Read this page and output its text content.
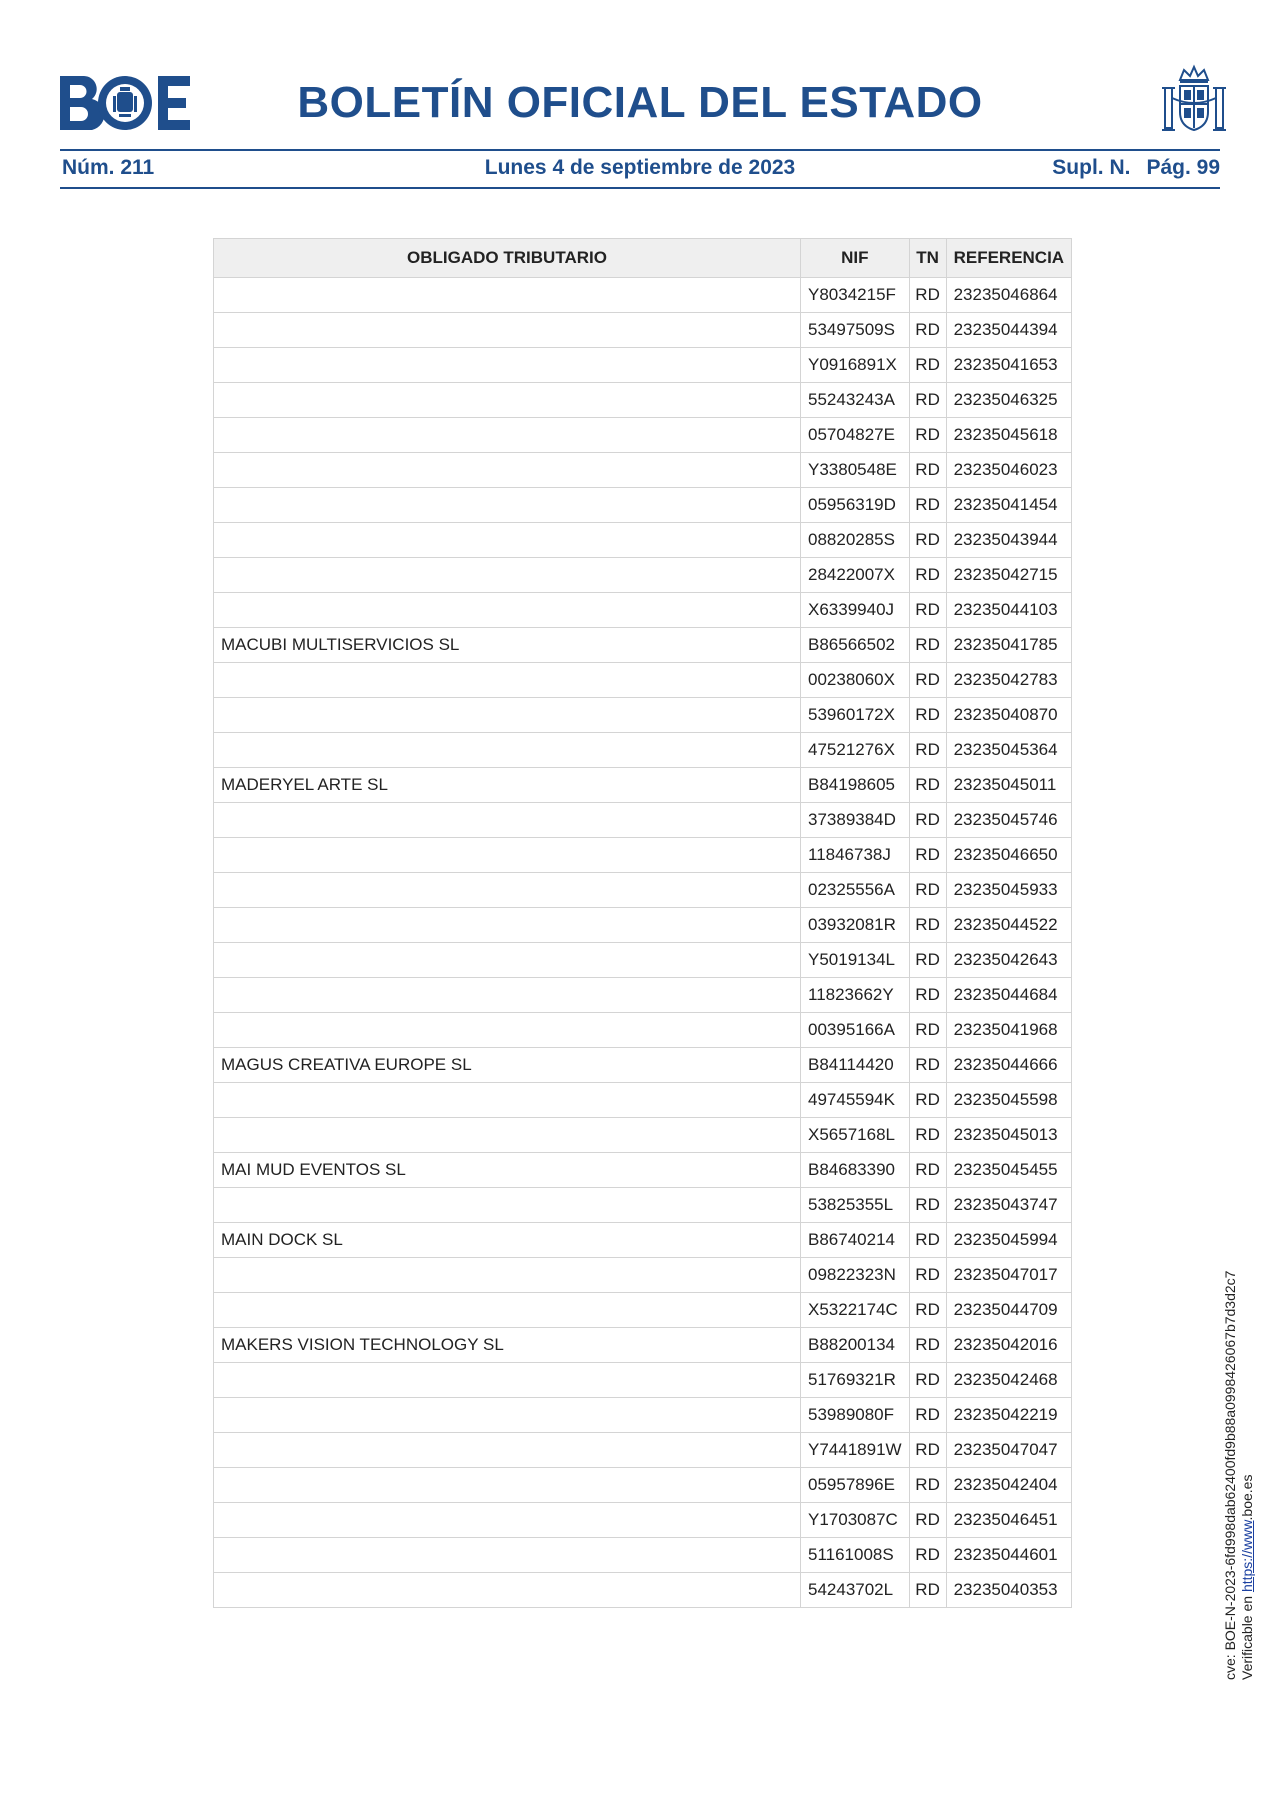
BOLETÍN OFICIAL DEL ESTADO
Núm. 211	Lunes 4 de septiembre de 2023	Supl. N. Pág. 99
OBLIGADO TRIBUTARIO	NIF	TN	REFERENCIA
	Y8034215F	RD	23235046864
	53497509S	RD	23235044394
	Y0916891X	RD	23235041653
	55243243A	RD	23235046325
	05704827E	RD	23235045618
	Y3380548E	RD	23235046023
	05956319D	RD	23235041454
	08820285S	RD	23235043944
	28422007X	RD	23235042715
	X6339940J	RD	23235044103
MACUBI MULTISERVICIOS SL	B86566502	RD	23235041785
	00238060X	RD	23235042783
	53960172X	RD	23235040870
	47521276X	RD	23235045364
MADERYEL ARTE SL	B84198605	RD	23235045011
	37389384D	RD	23235045746
	11846738J	RD	23235046650
	02325556A	RD	23235045933
	03932081R	RD	23235044522
	Y5019134L	RD	23235042643
	11823662Y	RD	23235044684
	00395166A	RD	23235041968
MAGUS CREATIVA EUROPE SL	B84114420	RD	23235044666
	49745594K	RD	23235045598
	X5657168L	RD	23235045013
MAI MUD EVENTOS SL	B84683390	RD	23235045455
	53825355L	RD	23235043747
MAIN DOCK SL	B86740214	RD	23235045994
	09822323N	RD	23235047017
	X5322174C	RD	23235044709
MAKERS VISION TECHNOLOGY SL	B88200134	RD	23235042016
	51769321R	RD	23235042468
	53989080F	RD	23235042219
	Y7441891W	RD	23235047047
	05957896E	RD	23235042404
	Y1703087C	RD	23235046451
	51161008S	RD	23235044601
	54243702L	RD	23235040353	cve: BOE-N-2023-6fd998dab62400fd9b88a0998426067b7d3d2c7 Verificable en https://www.boe.es
